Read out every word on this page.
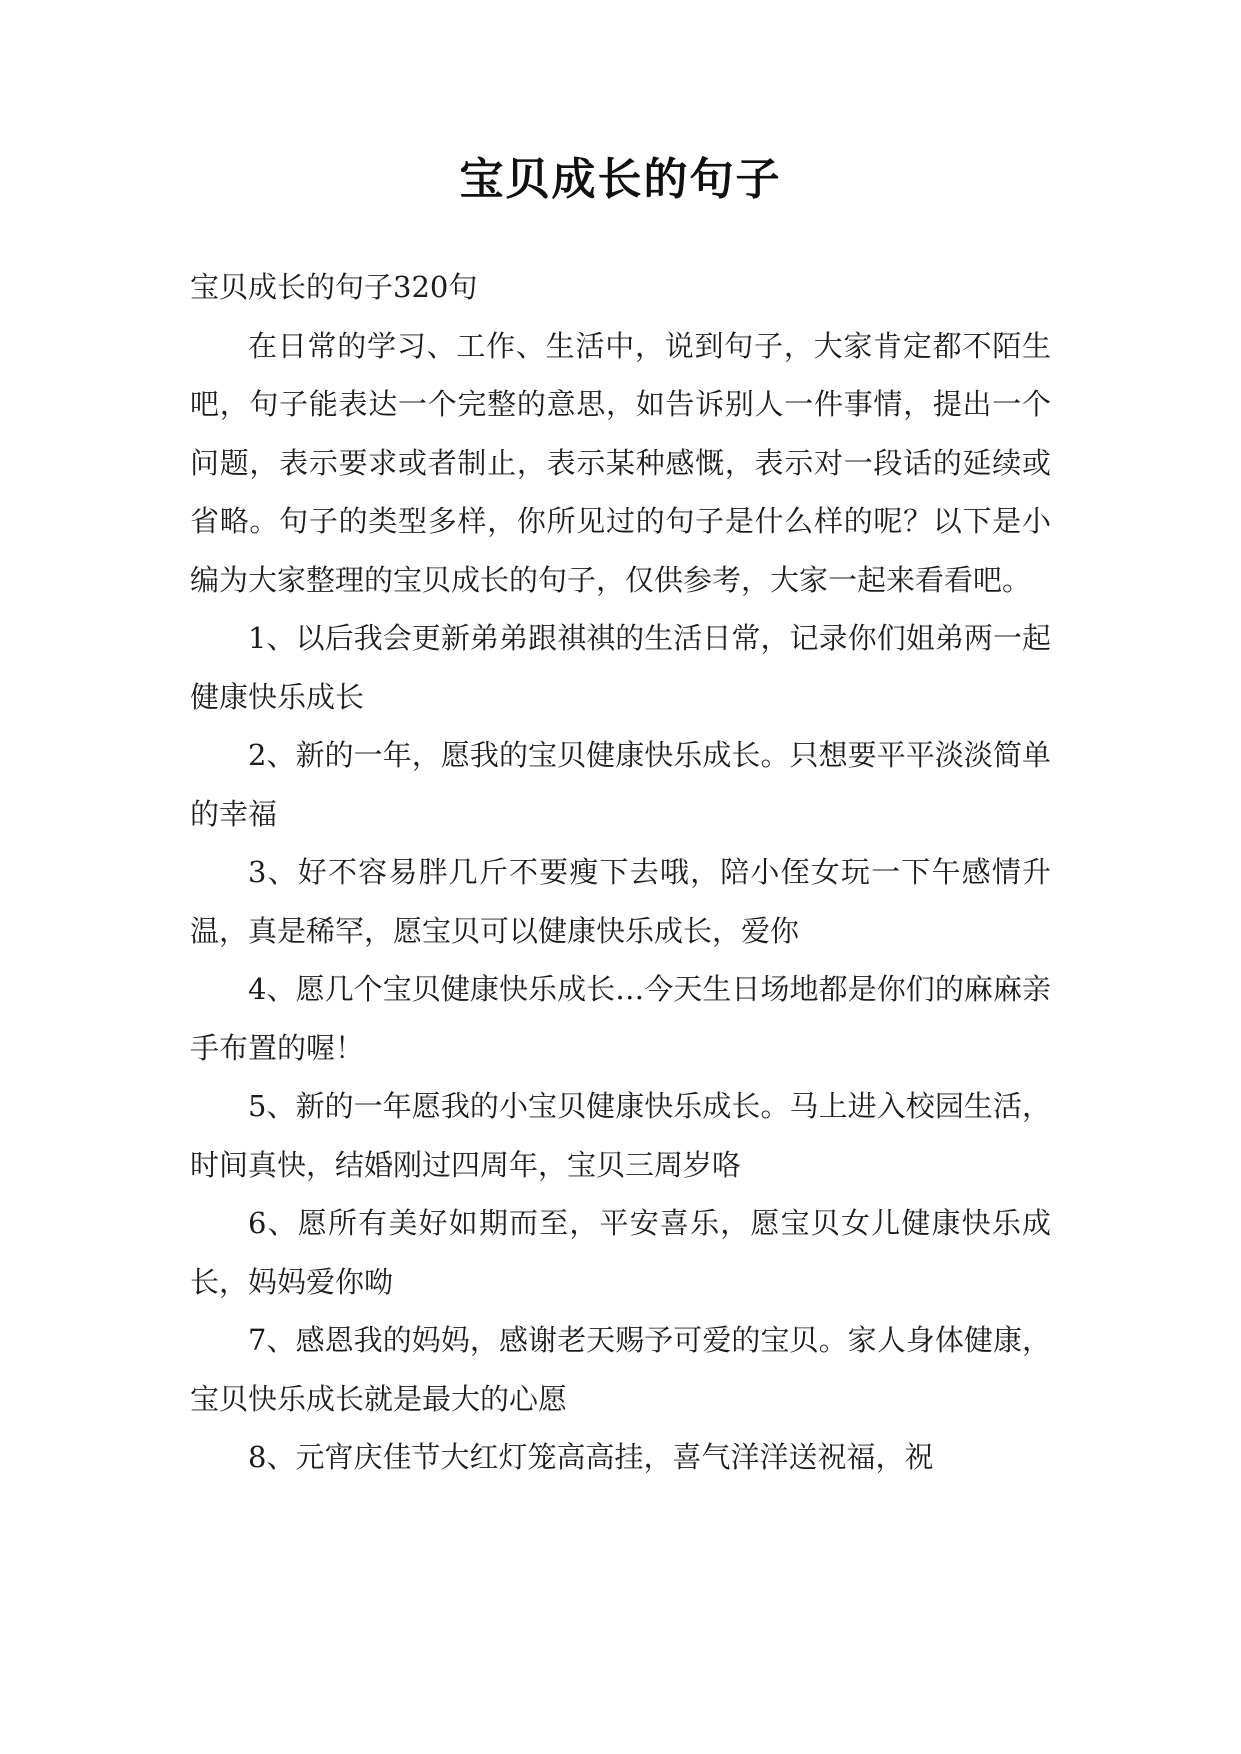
宝贝成长的句子

宝贝成长的句子320句

在日常的学习、工作、生活中，说到句子，大家肯定都不陌生吧，句子能表达一个完整的意思，如告诉别人一件事情，提出一个问题，表示要求或者制止，表示某种感慨，表示对一段话的延续或省略。句子的类型多样，你所见过的句子是什么样的呢？以下是小编为大家整理的宝贝成长的句子，仅供参考，大家一起来看看吧。

1、以后我会更新弟弟跟祺祺的生活日常，记录你们姐弟两一起健康快乐成长

2、新的一年，愿我的宝贝健康快乐成长。只想要平平淡淡简单的幸福

3、好不容易胖几斤不要瘦下去哦，陪小侄女玩一下午感情升温，真是稀罕，愿宝贝可以健康快乐成长，爱你

4、愿几个宝贝健康快乐成长…今天生日场地都是你们的麻麻亲手布置的喔！

5、新的一年愿我的小宝贝健康快乐成长。马上进入校园生活，时间真快，结婚刚过四周年，宝贝三周岁咯

6、愿所有美好如期而至，平安喜乐，愿宝贝女儿健康快乐成长，妈妈爱你呦

7、感恩我的妈妈，感谢老天赐予可爱的宝贝。家人身体健康，宝贝快乐成长就是最大的心愿

8、元宵庆佳节大红灯笼高高挂，喜气洋洋送祝福，祝
